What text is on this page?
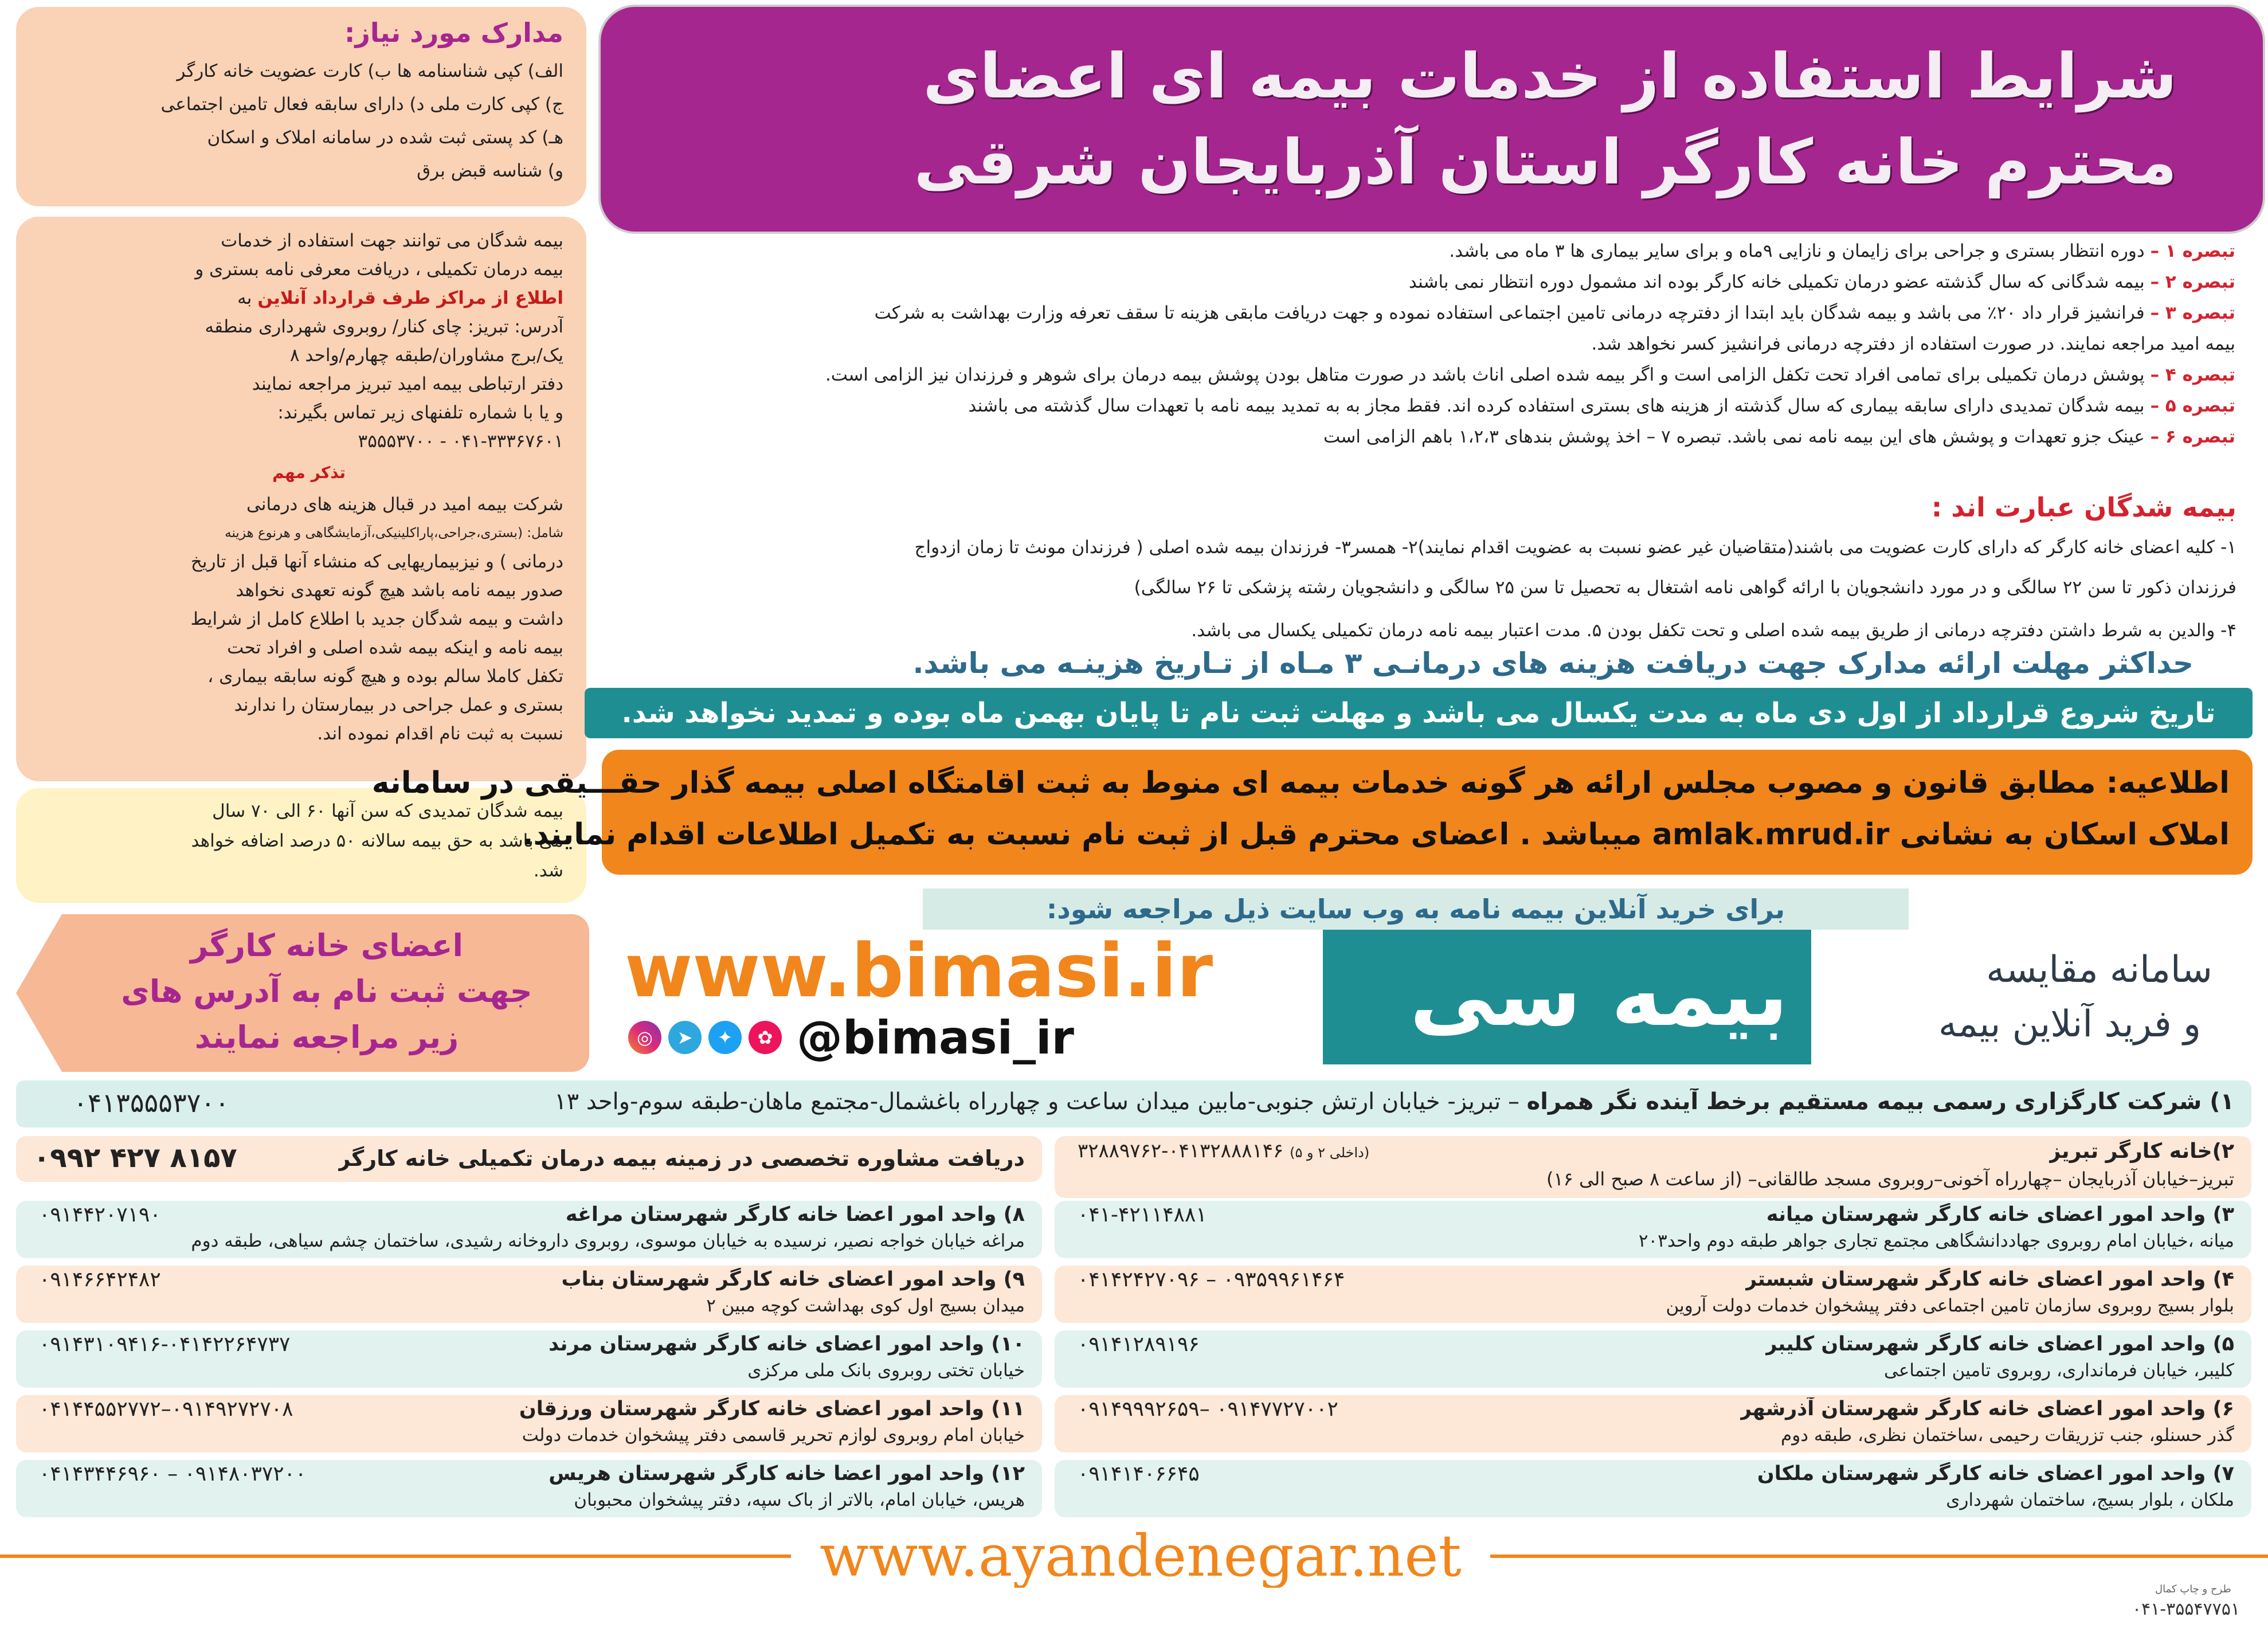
شرایط استفاده از خدمات بیمه ای اعضای
محترم خانه کارگر استان آذربایجان شرقی
مدارک مورد نیاز:
الف) کپی شناسنامه ها ب) کارت عضویت خانه کارگر
ج) کپی کارت ملی د) دارای سابقه فعال تامین اجتماعی
هـ) کد پستی ثبت شده در سامانه املاک و اسکان
و) شناسه قبض برق
بیمه شدگان می توانند جهت استفاده از خدمات
بیمه درمان تکمیلی ، دریافت معرفی نامه بستری و
اطلاع از مراکز طرف قرارداد آنلاین به
آدرس: تبریز: چای کنار/ روبروی شهرداری منطقه
یک/برج مشاوران/طبقه چهارم/واحد ۸
دفتر ارتباطی بیمه امید تبریز مراجعه نمایند
و یا با شماره تلفنهای زیر تماس بگیرند:
۰۴۱-۳۳۳۶۷۶۰۱ - ۳۵۵۵۳۷۰۰
تذکر مهم
شرکت بیمه امید در قبال هزینه های درمانی
شامل: (بستری،جراحی،پاراکلینیکی،آزمایشگاهی و هرنوع هزینه
درمانی ) و نیزبیماریهایی که منشاء آنها قبل از تاریخ
صدور بیمه نامه باشد هیچ گونه تعهدی نخواهد
داشت و بیمه شدگان جدید با اطلاع کامل از شرایط
بیمه نامه و اینکه بیمه شده اصلی و افراد تحت
تکفل کاملا سالم بوده و هیچ گونه سابقه بیماری ،
بستری و عمل جراحی در بیمارستان را ندارند
نسبت به ثبت نام اقدام نموده اند.
بیمه شدگان تمدیدی که سن آنها ۶۰ الی ۷۰ سال
می باشد به حق بیمه سالانه ۵۰ درصد اضافه خواهد
شد.
اعضای خانه کارگر
جهت ثبت نام به آدرس های
زیر مراجعه نمایند
تبصره ۱ – دوره انتظار بستری و جراحی برای زایمان و نازایی ۹ماه و برای سایر بیماری ها ۳ ماه می باشد.
تبصره ۲ – بیمه شدگانی که سال گذشته عضو درمان تکمیلی خانه کارگر بوده اند مشمول دوره انتظار نمی باشند
تبصره ۳ – فرانشیز قرار داد ۲۰٪ می باشد و بیمه شدگان باید ابتدا از دفترچه درمانی تامین اجتماعی استفاده نموده و جهت دریافت مابقی هزینه تا سقف تعرفه وزارت بهداشت به شرکت
بیمه امید مراجعه نمایند. در صورت استفاده از دفترچه درمانی فرانشیز کسر نخواهد شد.
تبصره ۴ – پوشش درمان تکمیلی برای تمامی افراد تحت تکفل الزامی است و اگر بیمه شده اصلی اناث باشد در صورت متاهل بودن پوشش بیمه درمان برای شوهر و فرزندان نیز الزامی است.
تبصره ۵ – بیمه شدگان تمدیدی دارای سابقه بیماری که سال گذشته از هزینه های بستری استفاده کرده اند. فقط مجاز به به تمدید بیمه نامه با تعهدات سال گذشته می باشند
تبصره ۶ – عینک جزو تعهدات و پوشش های این بیمه نامه نمی باشد. تبصره ۷ – اخذ پوشش بندهای ۱،۲،۳ باهم الزامی است
بیمه شدگان عبارت اند :
۱- کلیه اعضای خانه کارگر که دارای کارت عضویت می باشند(متقاضیان غیر عضو نسبت به عضویت اقدام نمایند)۲- همسر۳- فرزندان بیمه شده اصلی ( فرزندان مونث تا زمان ازدواج
فرزندان ذکور تا سن ۲۲ سالگی و در مورد دانشجویان با ارائه گواهی نامه اشتغال به تحصیل تا سن ۲۵ سالگی و دانشجویان رشته پزشکی تا ۲۶ سالگی)
۴- والدین به شرط داشتن دفترچه درمانی از طریق بیمه شده اصلی و تحت تکفل بودن ۵. مدت اعتبار بیمه نامه درمان تکمیلی یکسال می باشد.
حداکثر مهلت ارائه مدارک جهت دریافت هزینه های درمانـی ۳ مـاه از تـاریخ هزینـه می باشد.
تاریخ شروع قرارداد از اول دی ماه به مدت یکسال می باشد و مهلت ثبت نام تا پایان بهمن ماه بوده و تمدید نخواهد شد.
اطلاعیه: مطابق قانون و مصوب مجلس ارائه هر گونه خدمات بیمه ای منوط به ثبت اقامتگاه اصلی بیمه گذار حقـــیقی در سامانه
املاک اسکان به نشانی amlak.mrud.ir میباشد . اعضای محترم قبل از ثبت نام نسبت به تکمیل اطلاعات اقدام نمایند.
برای خرید آنلاین بیمه نامه به وب سایت ذیل مراجعه شود:
www.bimasi.ir
◎	➤	✦	✿ @bimasi_ir	بیمه سی	سامانه مقایسه
و فرید آنلاین بیمه
۱) شرکت کارگزاری رسمی بیمه مستقیم برخط آینده نگر همراه – تبریز- خیابان ارتش جنوبی-مابین میدان ساعت و چهارراه باغشمال-مجتمع ماهان-طبقه سوم-واحد ۱۳
۰۴۱۳۵۵۵۳۷۰۰
دریافت مشاوره تخصصی در زمینه بیمه درمان تکمیلی خانه کارگر
۰۹۹۲ ۴۲۷ ۸۱۵۷	۲)خانه کارگر تبریز
(داخلی ۲ و ۵) ۰۴۱۳۲۸۸۸۱۴۶-۳۲۸۸۹۷۶۲
تبریز–خیابان آذربایجان –چهارراه آخونی–روبروی مسجد طالقانی– (از ساعت ۸ صبح الی ۱۶)
۳) واحد امور اعضای خانه کارگر شهرستان میانه
۰۴۱-۴۲۱۱۴۸۸۱
میانه ،خیابان امام روبروی جهاددانشگاهی مجتمع تجاری جواهر طبقه دوم واحد۲۰۳
۴) واحد امور اعضای خانه کارگر شهرستان شبستر
۰۹۳۵۹۹۶۱۴۶۴ – ۰۴۱۴۲۴۲۷۰۹۶
بلوار بسیج روبروی سازمان تامین اجتماعی دفتر پیشخوان خدمات دولت آروین
۵) واحد امور اعضای خانه کارگر شهرستان کلیبر
۰۹۱۴۱۲۸۹۱۹۶
کلیبر، خیابان فرمانداری، روبروی تامین اجتماعی
۶) واحد امور اعضای خانه کارگر شهرستان آذرشهر
۰۹۱۴۷۷۲۷۰۰۲ –۰۹۱۴۹۹۹۲۶۵۹
گذر حسنلو، جنب تزریقات رحیمی ،ساختمان نظری، طبقه دوم
۷) واحد امور اعضای خانه کارگر شهرستان ملکان
۰۹۱۴۱۴۰۶۶۴۵
ملکان ، بلوار بسیج، ساختمان شهرداری
۸) واحد امور اعضا خانه کارگر شهرستان مراغه
۰۹۱۴۴۲۰۷۱۹۰
مراغه خیابان خواجه نصیر، نرسیده به خیابان موسوی، روبروی داروخانه رشیدی، ساختمان چشم سیاهی، طبقه دوم
۹) واحد امور اعضای خانه کارگر شهرستان بناب
۰۹۱۴۶۶۴۲۴۸۲
میدان بسیج اول کوی بهداشت کوچه مبین ۲
۱۰) واحد امور اعضای خانه کارگر شهرستان مرند
۰۹۱۴۳۱۰۹۴۱۶-۰۴۱۴۲۲۶۴۷۳۷
خیابان تختی روبروی بانک ملی مرکزی
۱۱) واحد امور اعضای خانه کارگر شهرستان ورزقان
۰۹۱۴۹۲۷۲۷۰۸–۰۴۱۴۴۵۵۲۷۷۲
خیابان امام روبروی لوازم تحریر قاسمی دفتر پیشخوان خدمات دولت
۱۲) واحد امور اعضا خانه کارگر شهرستان هریس
۰۹۱۴۸۰۳۷۲۰۰ – ۰۴۱۴۳۴۴۶۹۶۰
هریس، خیابان امام، بالاتر از باک سپه، دفتر پیشخوان محبوبان
www.ayandenegar.net	طرح و چاپ کمال
۰۴۱-۳۵۵۴۷۷۵۱
